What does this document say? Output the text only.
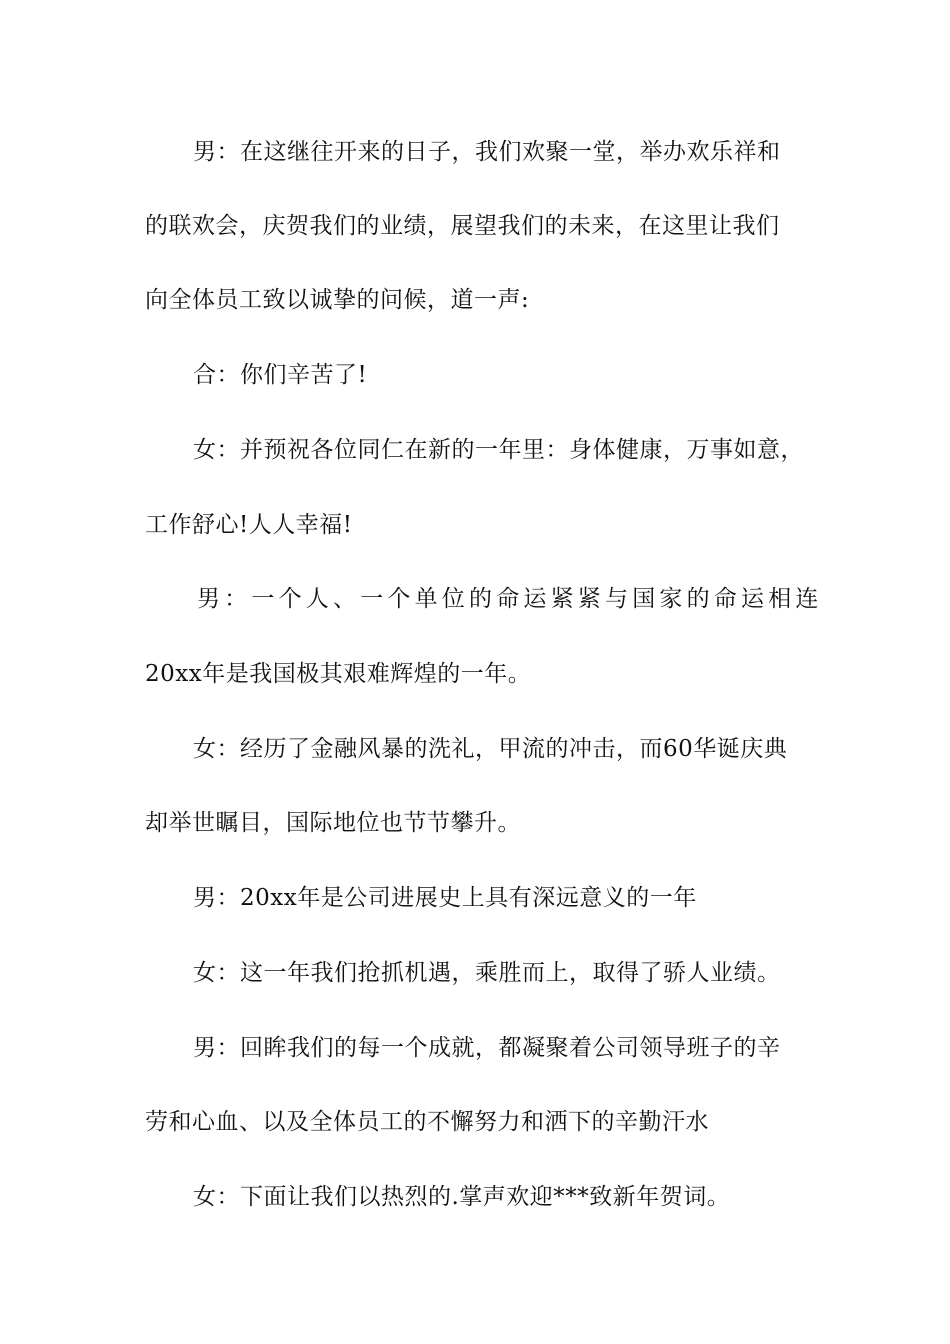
男：在这继往开来的日子，我们欢聚一堂，举办欢乐祥和
的联欢会，庆贺我们的业绩，展望我们的未来，在这里让我们
向全体员工致以诚挚的问候，道一声:
合：你们辛苦了!
女：并预祝各位同仁在新的一年里：身体健康，万事如意，
工作舒心!人人幸福!
男：一个人、一个单位的命运紧紧与国家的命运相连
20xx年是我国极其艰难辉煌的一年。
女：经历了金融风暴的洗礼，甲流的冲击，而60华诞庆典
却举世瞩目，国际地位也节节攀升。
男：20xx年是公司进展史上具有深远意义的一年
女：这一年我们抢抓机遇，乘胜而上，取得了骄人业绩。
男：回眸我们的每一个成就，都凝聚着公司领导班子的辛
劳和心血、以及全体员工的不懈努力和洒下的辛勤汗水
女：下面让我们以热烈的.掌声欢迎***致新年贺词。
